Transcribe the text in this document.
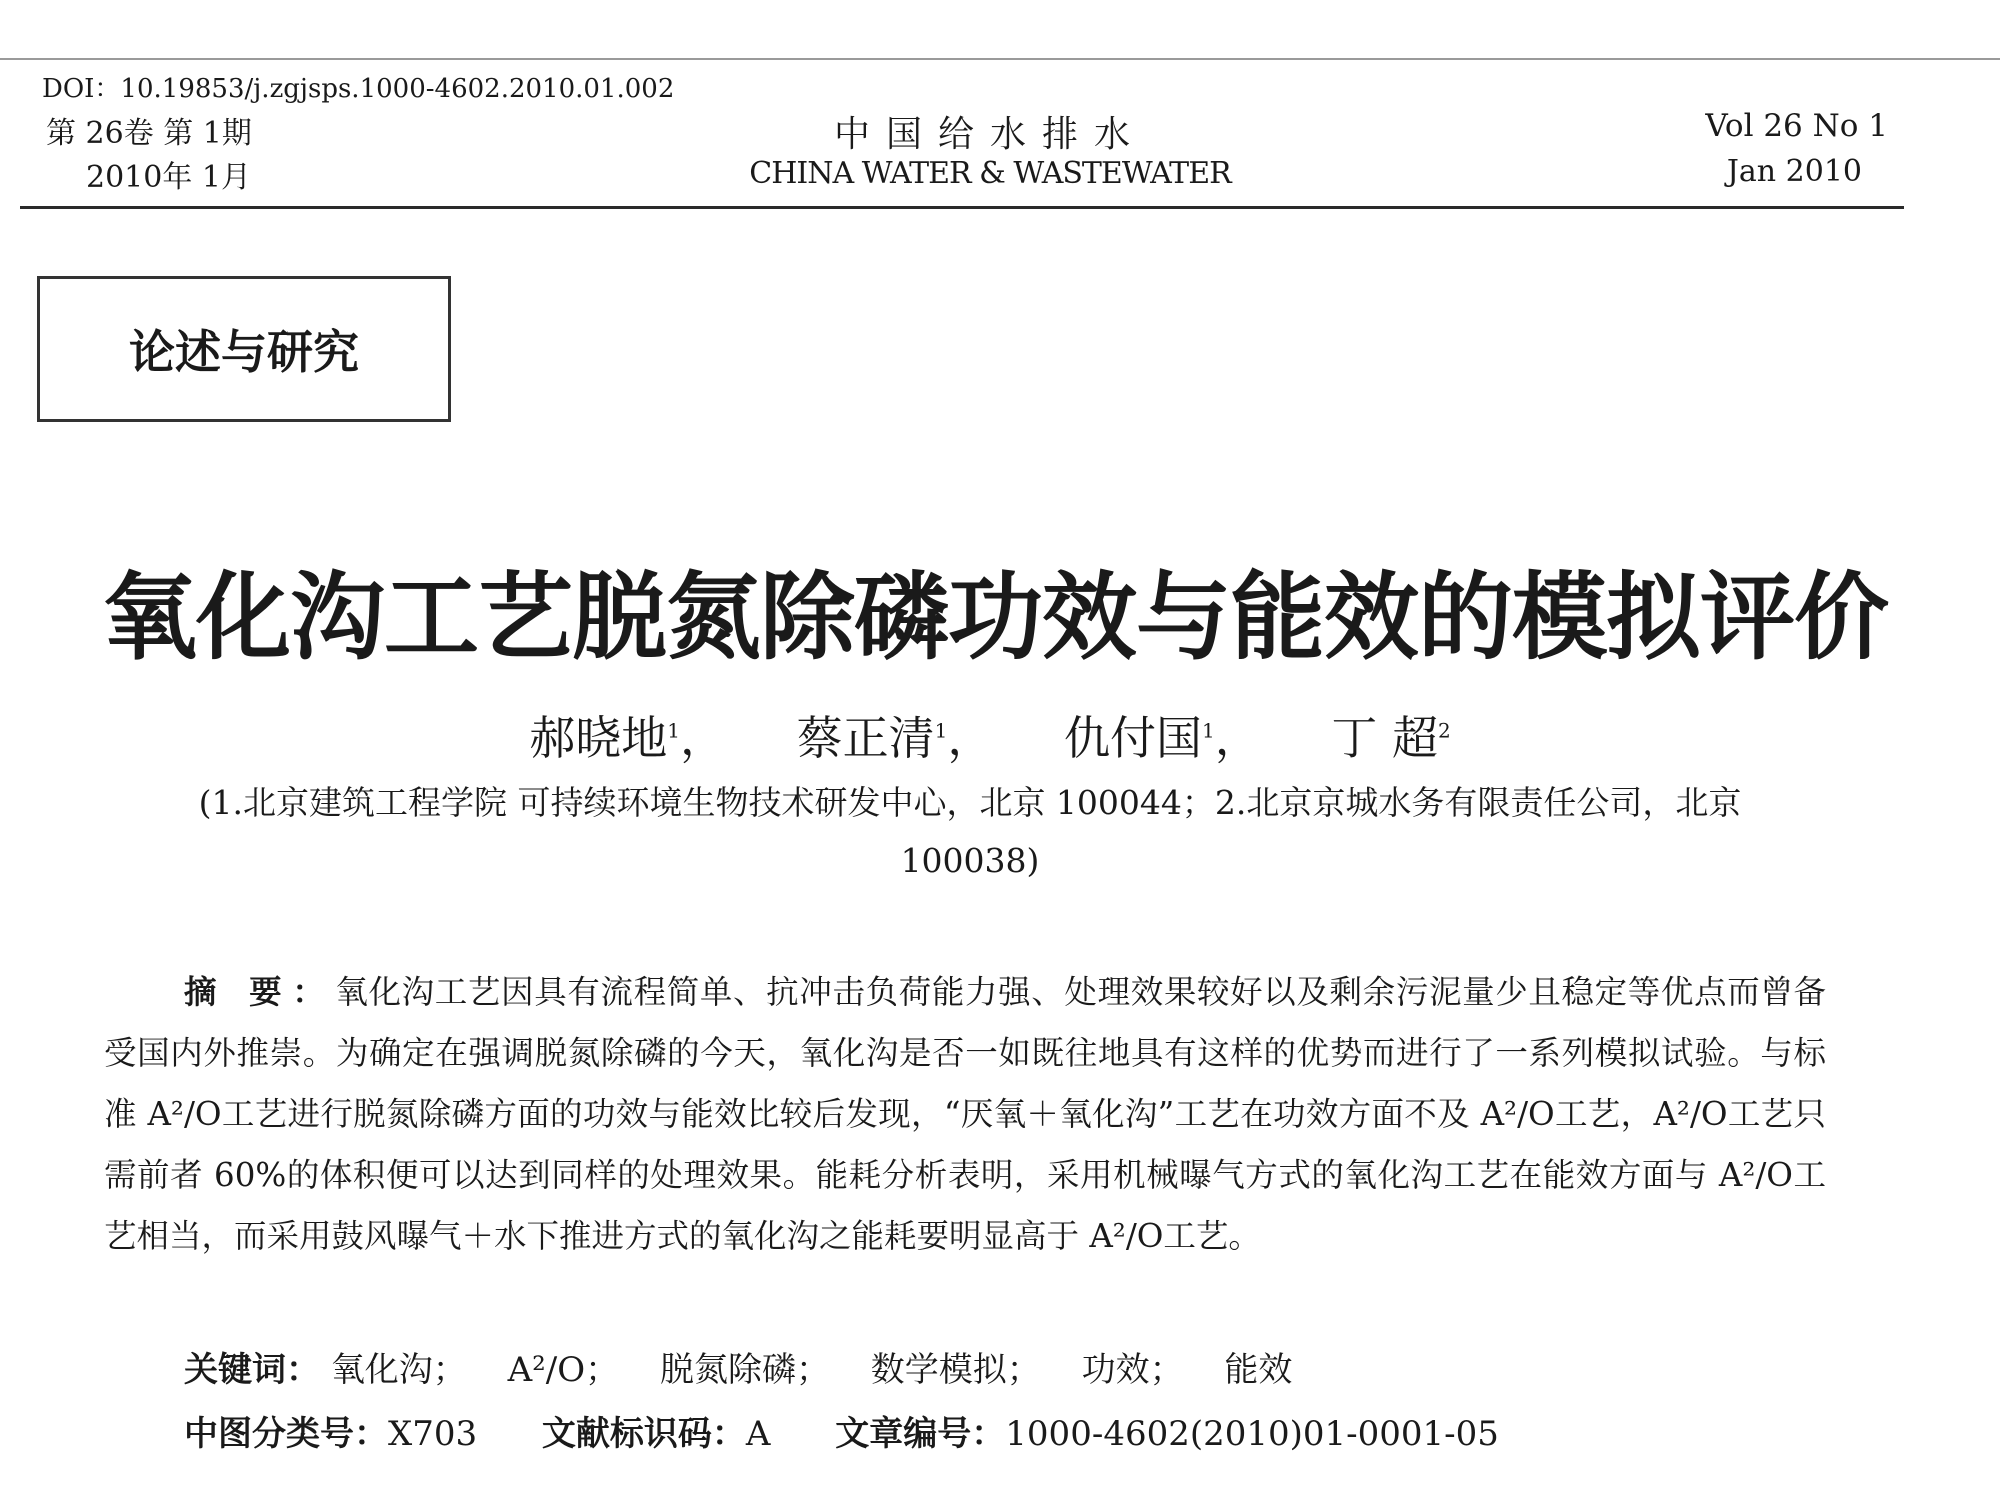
DOI：10.19853/j.zgjsps.1000-4602.2010.01.002
第 26卷 第 1期
2010年 1月
中国给水排水
CHINA WATER & WASTEWATER
Vol 26 No 1
Jan 2010
论述与研究
氧化沟工艺脱氮除磷功效与能效的模拟评价
郝晓地$^1$， 蔡正清$^1$， 仇付国$^1$， 丁 超$^2$
(1.北京建筑工程学院 可持续环境生物技术研发中心，北京 100044；2.北京京城水务有限责任公司，北京 100038)
摘 要：氧化沟工艺因具有流程简单、抗冲击负荷能力强、处理效果较好以及剩余污泥量少且稳定等优点而曾备受国内外推崇。为确定在强调脱氮除磷的今天，氧化沟是否一如既往地具有这样的优势而进行了一系列模拟试验。与标准 A²/O工艺进行脱氮除磷方面的功效与能效比较后发现，“厌氧＋氧化沟”工艺在功效方面不及 A²/O工艺，A²/O工艺只需前者 60%的体积便可以达到同样的处理效果。能耗分析表明，采用机械曝气方式的氧化沟工艺在能效方面与 A²/O工艺相当，而采用鼓风曝气＋水下推进方式的氧化沟之能耗要明显高于 A²/O工艺。
关键词： 氧化沟； A²/O； 脱氮除磷； 数学模拟； 功效； 能效
中图分类号：X703 文献标识码：A 文章编号：1000-4602(2010)01-0001-05
